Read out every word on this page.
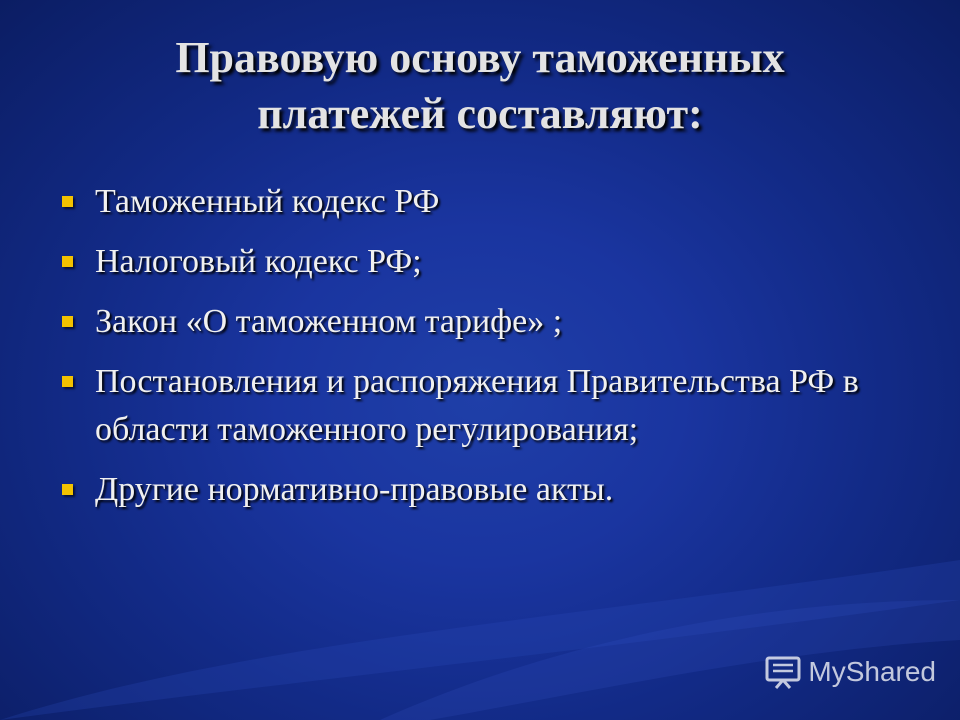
Правовую основу таможенных
платежей составляют:
Таможенный кодекс РФ
Налоговый кодекс РФ;
Закон «О таможенном тарифе» ;
Постановления и распоряжения Правительства РФ в области таможенного регулирования;
Другие нормативно-правовые акты.
MyShared
